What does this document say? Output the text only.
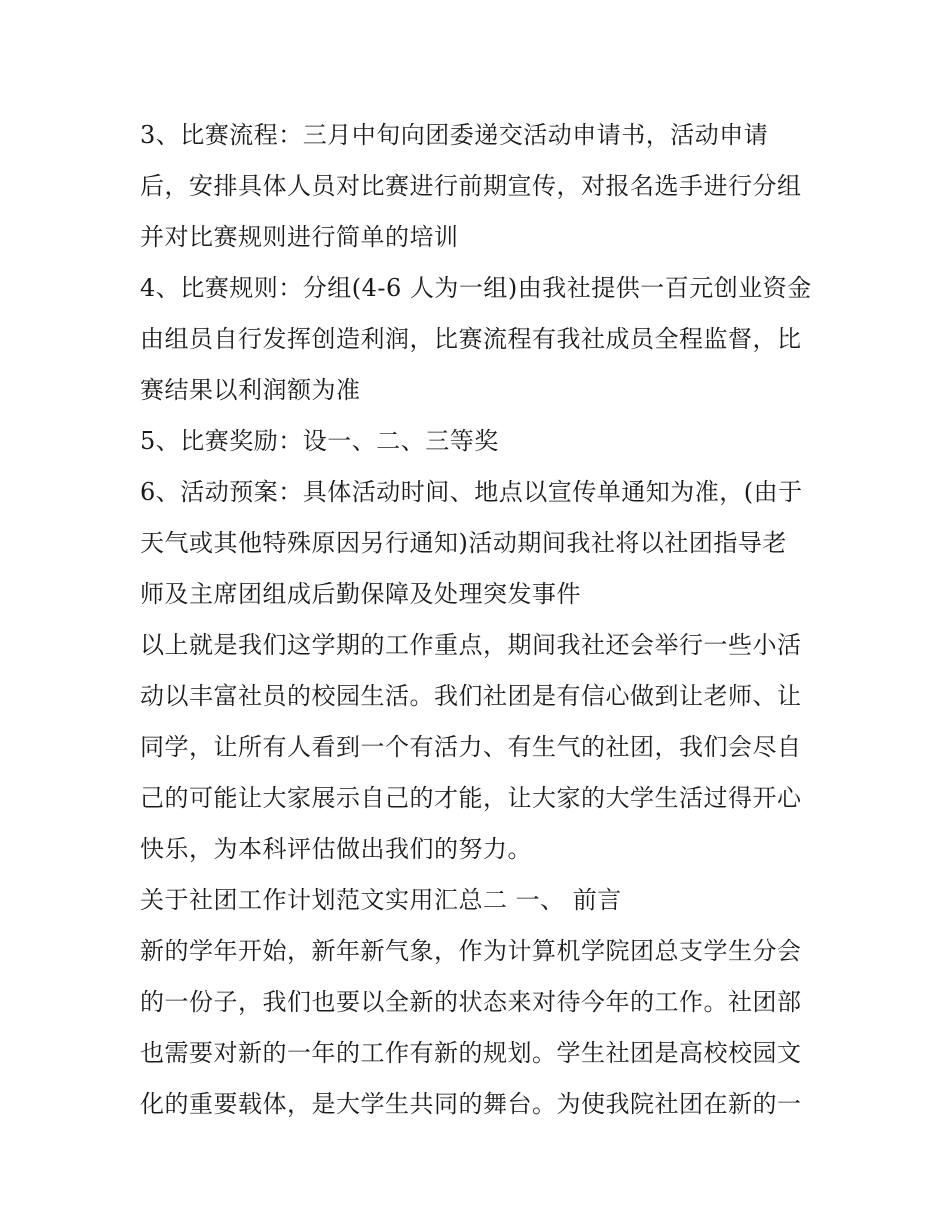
3、比赛流程：三月中旬向团委递交活动申请书，活动申请
后，安排具体人员对比赛进行前期宣传，对报名选手进行分组
并对比赛规则进行简单的培训
4、比赛规则：分组(4-6 人为一组)由我社提供一百元创业资金
由组员自行发挥创造利润，比赛流程有我社成员全程监督，比
赛结果以利润额为准
5、比赛奖励：设一、二、三等奖
6、活动预案：具体活动时间、地点以宣传单通知为准，(由于
天气或其他特殊原因另行通知)活动期间我社将以社团指导老
师及主席团组成后勤保障及处理突发事件
以上就是我们这学期的工作重点，期间我社还会举行一些小活
动以丰富社员的校园生活。我们社团是有信心做到让老师、让
同学，让所有人看到一个有活力、有生气的社团，我们会尽自
己的可能让大家展示自己的才能，让大家的大学生活过得开心
快乐，为本科评估做出我们的努力。
关于社团工作计划范文实用汇总二 一、 前言
新的学年开始，新年新气象，作为计算机学院团总支学生分会
的一份子，我们也要以全新的状态来对待今年的工作。社团部
也需要对新的一年的工作有新的规划。学生社团是高校校园文
化的重要载体，是大学生共同的舞台。为使我院社团在新的一
